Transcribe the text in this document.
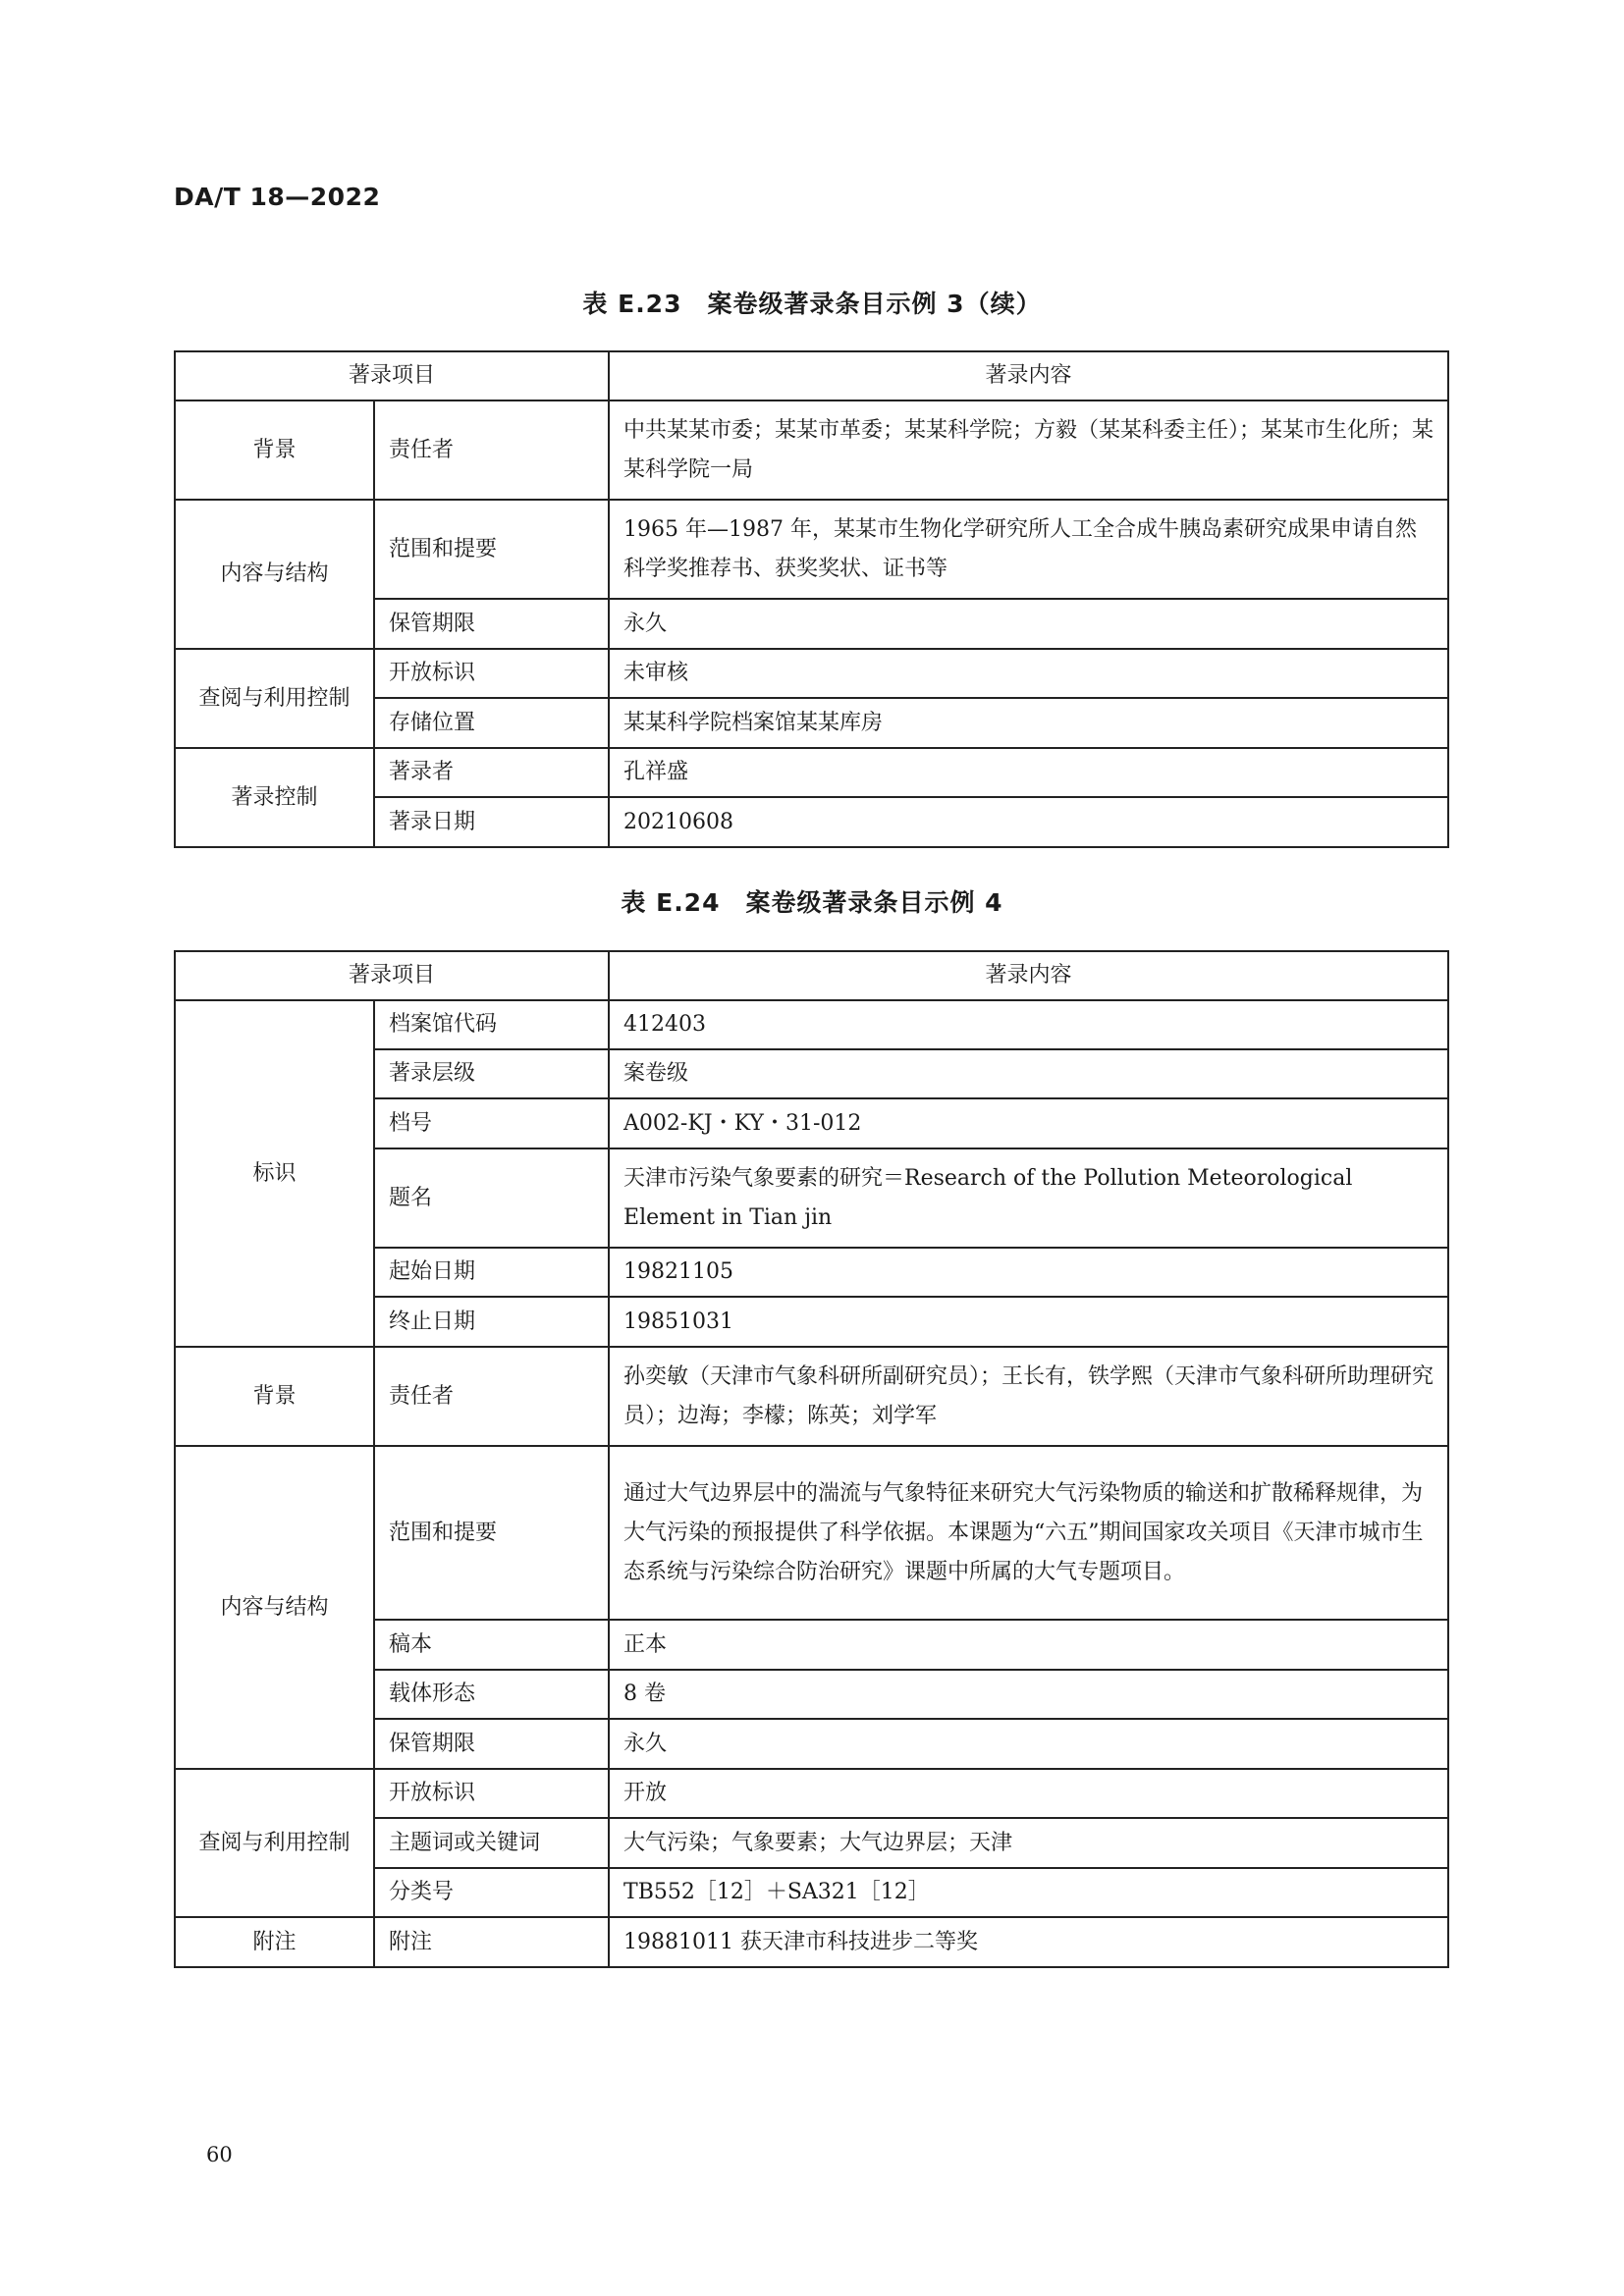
DA/T 18—2022
表 E.23　案卷级著录条目示例 3（续）
著录项目		著录内容
背景	责任者	中共某某市委；某某市革委；某某科学院；方毅（某某科委主任）；某某市生化所；某某科学院一局
内容与结构	范围和提要	1965 年—1987 年，某某市生物化学研究所人工全合成牛胰岛素研究成果申请自然科学奖推荐书、获奖奖状、证书等
	保管期限	永久
查阅与利用控制	开放标识	未审核
	存储位置	某某科学院档案馆某某库房
著录控制	著录者	孔祥盛
	著录日期	20210608
表 E.24　案卷级著录条目示例 4
著录项目		著录内容
标识	档案馆代码	412403
	著录层级	案卷级
	档号	A002-KJ・KY・31-012
	题名	天津市污染气象要素的研究＝Research of the Pollution Meteorological Element in Tian jin
	起始日期	19821105
	终止日期	19851031
背景	责任者	孙奕敏（天津市气象科研所副研究员）；王长有，铁学熙（天津市气象科研所助理研究员）；边海；李檬；陈英；刘学军
内容与结构	范围和提要	通过大气边界层中的湍流与气象特征来研究大气污染物质的输送和扩散稀释规律，为大气污染的预报提供了科学依据。本课题为“六五”期间国家攻关项目《天津市城市生态系统与污染综合防治研究》课题中所属的大气专题项目。
	稿本	正本
	载体形态	8 卷
	保管期限	永久
查阅与利用控制	开放标识	开放
	主题词或关键词	大气污染；气象要素；大气边界层；天津
	分类号	TB552［12］＋SA321［12］
附注	附注	19881011 获天津市科技进步二等奖
60
